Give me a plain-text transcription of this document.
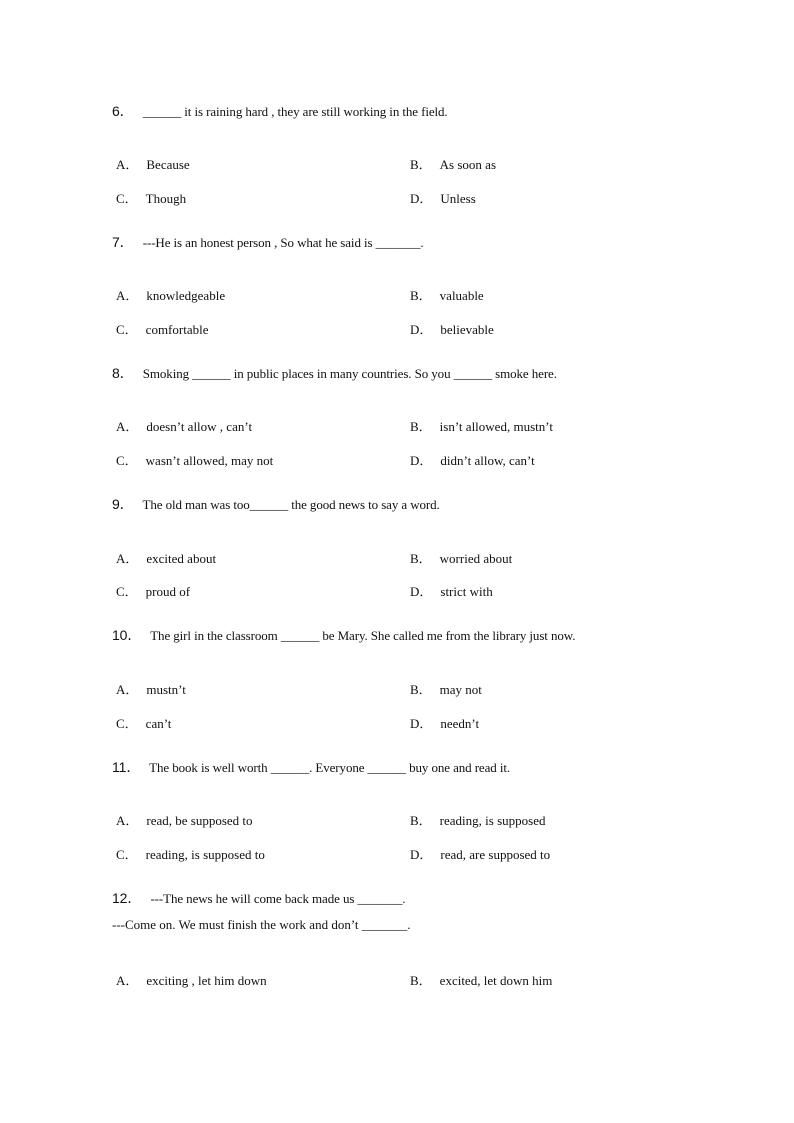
6． ______ it is raining hard , they are still working in the field.
A． Because	B． As soon as
C． Though	D． Unless
7． ---He is an honest person , So what he said is _______.
A． knowledgeable	B． valuable
C． comfortable	D． believable
8． Smoking ______ in public places in many countries. So you ______ smoke here.
A． doesn’t allow , can’t	B． isn’t allowed, mustn’t
C． wasn’t allowed, may not	D． didn’t allow, can’t
9． The old man was too______ the good news to say a word.
A． excited about	B． worried about
C． proud of	D． strict with
10． The girl in the classroom ______ be Mary. She called me from the library just now.
A． mustn’t	B． may not
C． can’t	D． needn’t
11． The book is well worth ______. Everyone ______ buy one and read it.
A． read, be supposed to	B． reading, is supposed
C． reading, is supposed to	D． read, are supposed to
12． ---The news he will come back made us _______.
---Come on. We must finish the work and don’t _______.
A． exciting , let him down	B． excited, let down him
